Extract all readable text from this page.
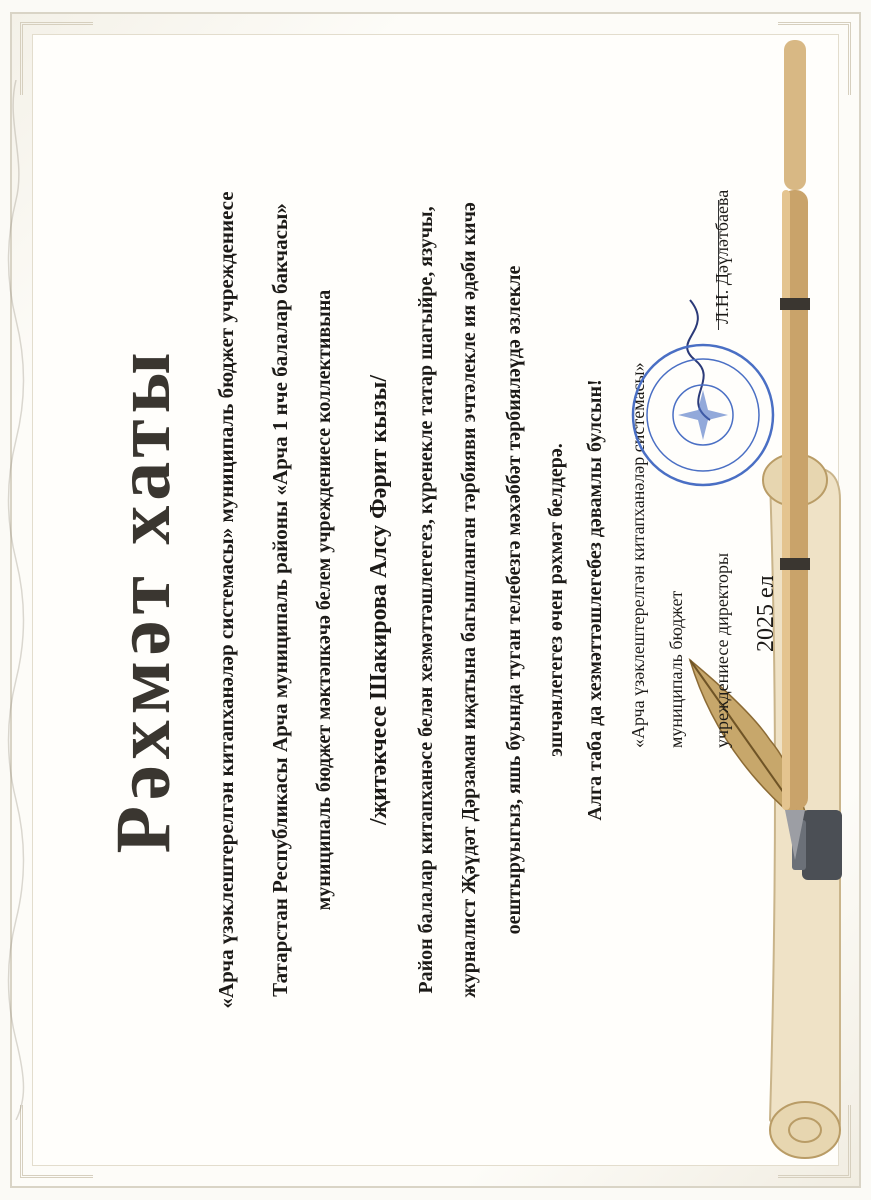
Рәхмәт хаты «Арча үзәклештерелгән китапханәләр системасы» муниципаль бюджет учреждениесе Татарстан Республикасы Арча муниципаль районы «Арча 1 нче балалар бакчасы» муниципаль бюджет мәктәпкәчә белем учреждениесе коллективына /җитәкчесе Шакирова Алсу Фәрит кызы/ Район балалар китапханәсе белән хезмәттәшлегегез, күренекле татар шагыйре, язучы, журналист Җәүдәт Дәрзаман иҗатына багышланган тәрбияви эчтәлекле ия әдәби кичә оештыруыгыз, яшь буында туган телебезгә мәхәббәт тәрбияләүдә әзлекле эшчәнлегегез өчен рәхмәт белдерә. Алга таба да хезмәттәшлегебез дәвамлы булсын! «Арча үзәклештерелгән китапханәләр системасы» муниципаль бюджет учреждениесе директоры 2025 ел
Л.Н. Дәүләтбаева
